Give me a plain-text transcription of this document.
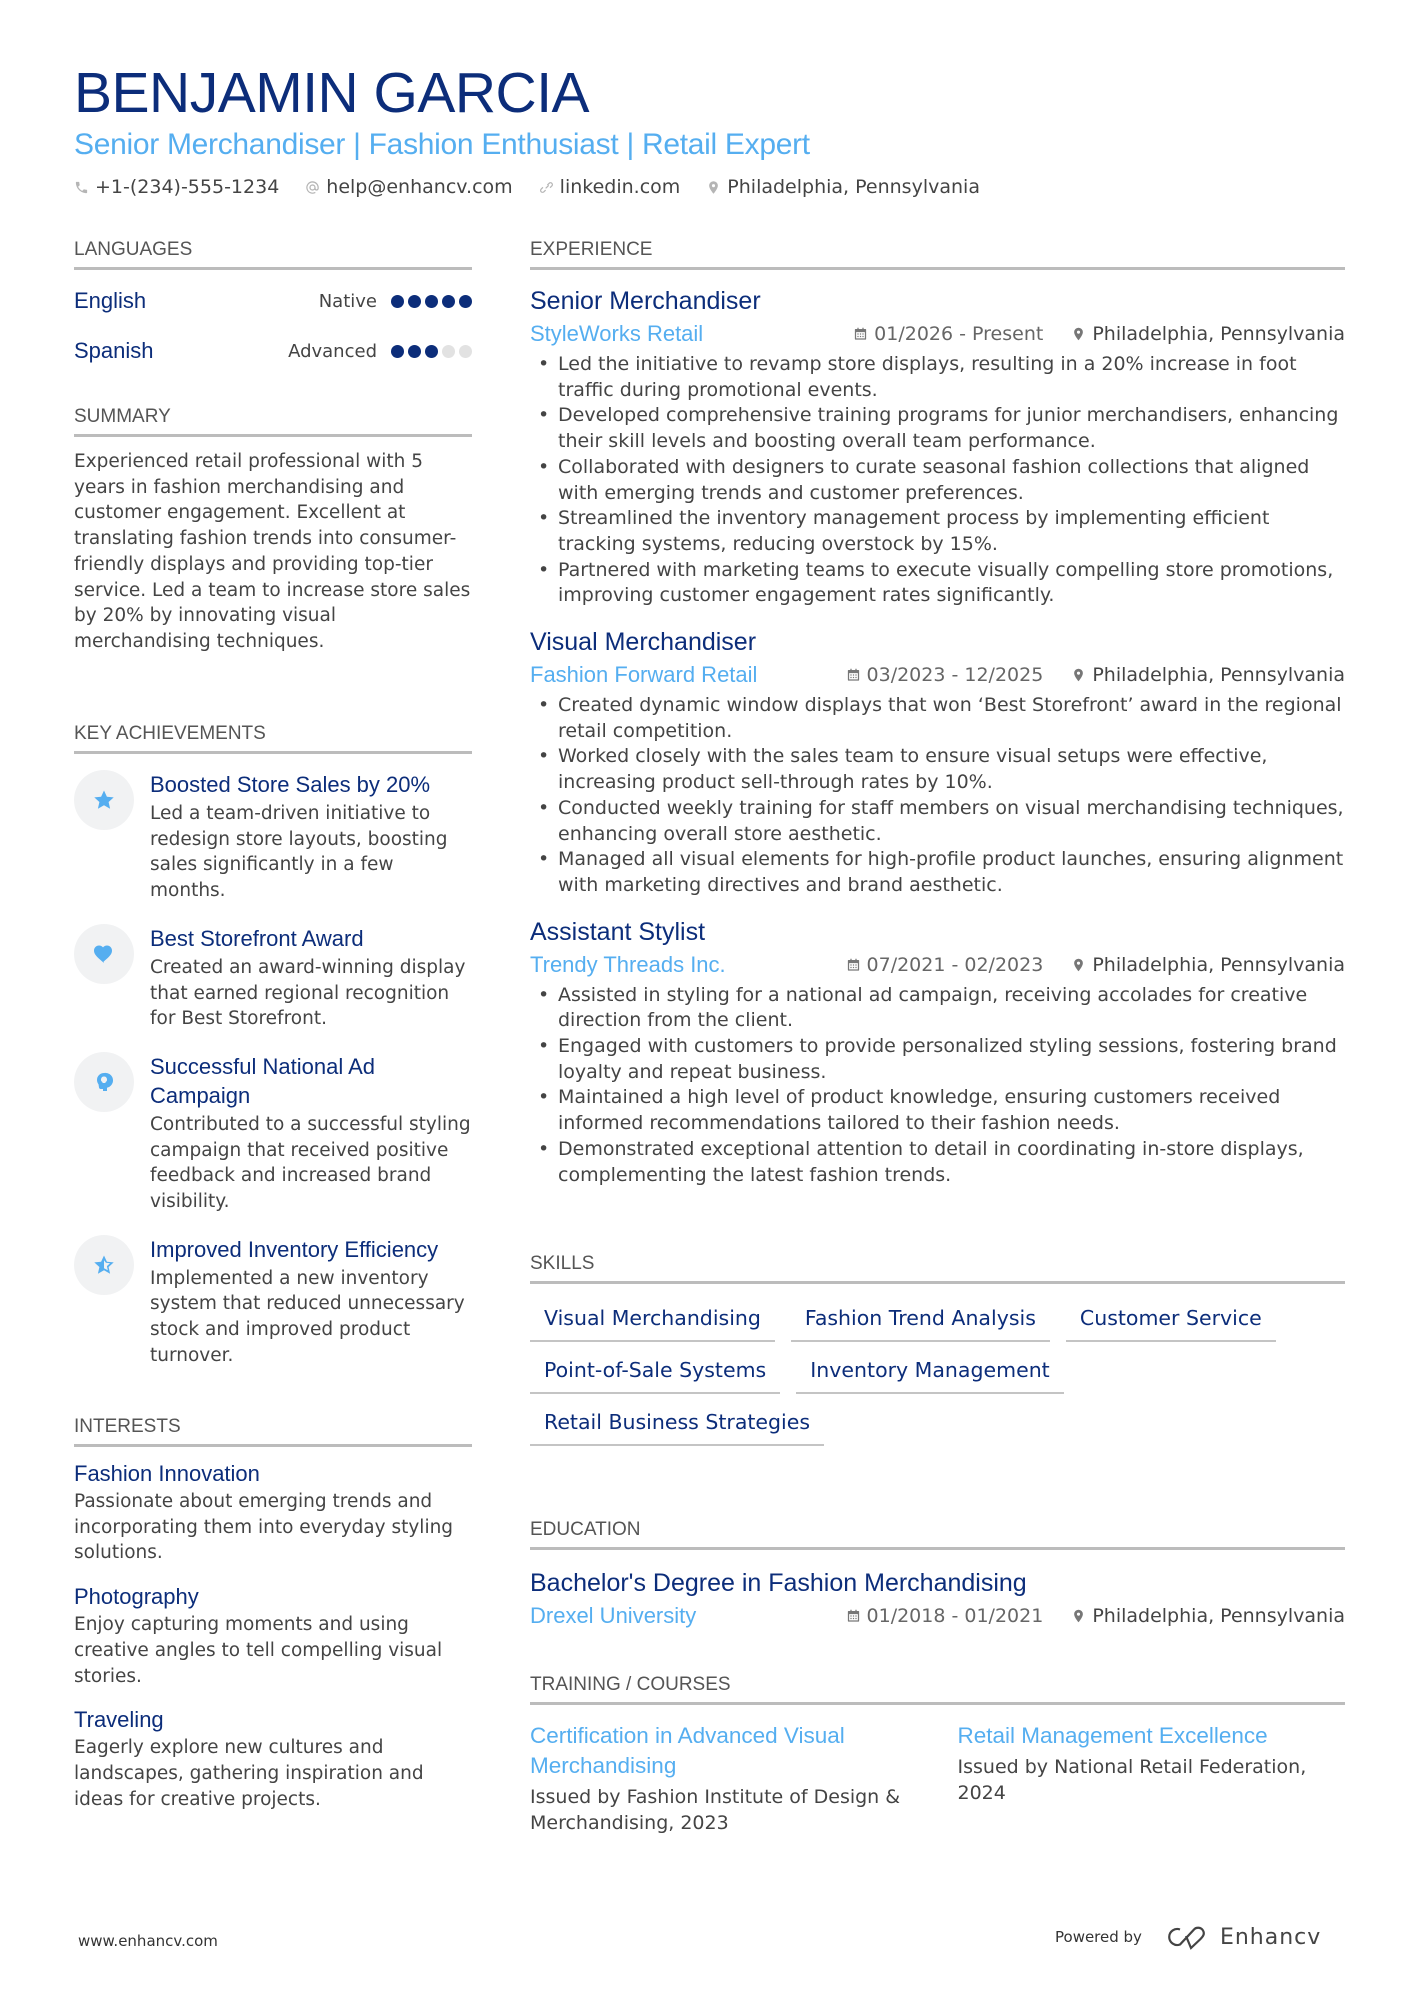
BENJAMIN GARCIA
Senior Merchandiser | Fashion Enthusiast | Retail Expert
+1-(234)-555-1234 help@enhancv.com linkedin.com Philadelphia, Pennsylvania
LANGUAGES
English	Native
Spanish	Advanced
SUMMARY
Experienced retail professional with 5 years in fashion merchandising and customer engagement. Excellent at translating fashion trends into consumer-friendly displays and providing top-tier service. Led a team to increase store sales by 20% by innovating visual merchandising techniques.
KEY ACHIEVEMENTS
Boosted Store Sales by 20%
Led a team-driven initiative to redesign store layouts, boosting sales significantly in a few months.
Best Storefront Award
Created an award-winning display that earned regional recognition for Best Storefront.
Successful National Ad Campaign
Contributed to a successful styling campaign that received positive feedback and increased brand visibility.
Improved Inventory Efficiency
Implemented a new inventory system that reduced unnecessary stock and improved product turnover.
INTERESTS
Fashion Innovation
Passionate about emerging trends and incorporating them into everyday styling solutions.
Photography
Enjoy capturing moments and using creative angles to tell compelling visual stories.
Traveling
Eagerly explore new cultures and landscapes, gathering inspiration and ideas for creative projects.
EXPERIENCE
Senior Merchandiser
StyleWorks Retail	01/2026 - Present	Philadelphia, Pennsylvania
• Led the initiative to revamp store displays, resulting in a 20% increase in foot traffic during promotional events.
• Developed comprehensive training programs for junior merchandisers, enhancing their skill levels and boosting overall team performance.
• Collaborated with designers to curate seasonal fashion collections that aligned with emerging trends and customer preferences.
• Streamlined the inventory management process by implementing efficient tracking systems, reducing overstock by 15%.
• Partnered with marketing teams to execute visually compelling store promotions, improving customer engagement rates significantly.
Visual Merchandiser
Fashion Forward Retail	03/2023 - 12/2025	Philadelphia, Pennsylvania
• Created dynamic window displays that won ‘Best Storefront’ award in the regional retail competition.
• Worked closely with the sales team to ensure visual setups were effective, increasing product sell-through rates by 10%.
• Conducted weekly training for staff members on visual merchandising techniques, enhancing overall store aesthetic.
• Managed all visual elements for high-profile product launches, ensuring alignment with marketing directives and brand aesthetic.
Assistant Stylist
Trendy Threads Inc.	07/2021 - 02/2023	Philadelphia, Pennsylvania
• Assisted in styling for a national ad campaign, receiving accolades for creative direction from the client.
• Engaged with customers to provide personalized styling sessions, fostering brand loyalty and repeat business.
• Maintained a high level of product knowledge, ensuring customers received informed recommendations tailored to their fashion needs.
• Demonstrated exceptional attention to detail in coordinating in-store displays, complementing the latest fashion trends.
SKILLS
Visual Merchandising	Fashion Trend Analysis	Customer Service
Point-of-Sale Systems	Inventory Management
Retail Business Strategies
EDUCATION
Bachelor's Degree in Fashion Merchandising
Drexel University	01/2018 - 01/2021	Philadelphia, Pennsylvania
TRAINING / COURSES
Certification in Advanced Visual Merchandising
Issued by Fashion Institute of Design & Merchandising, 2023
Retail Management Excellence
Issued by National Retail Federation, 2024
www.enhancv.com	Powered by	Enhancv
